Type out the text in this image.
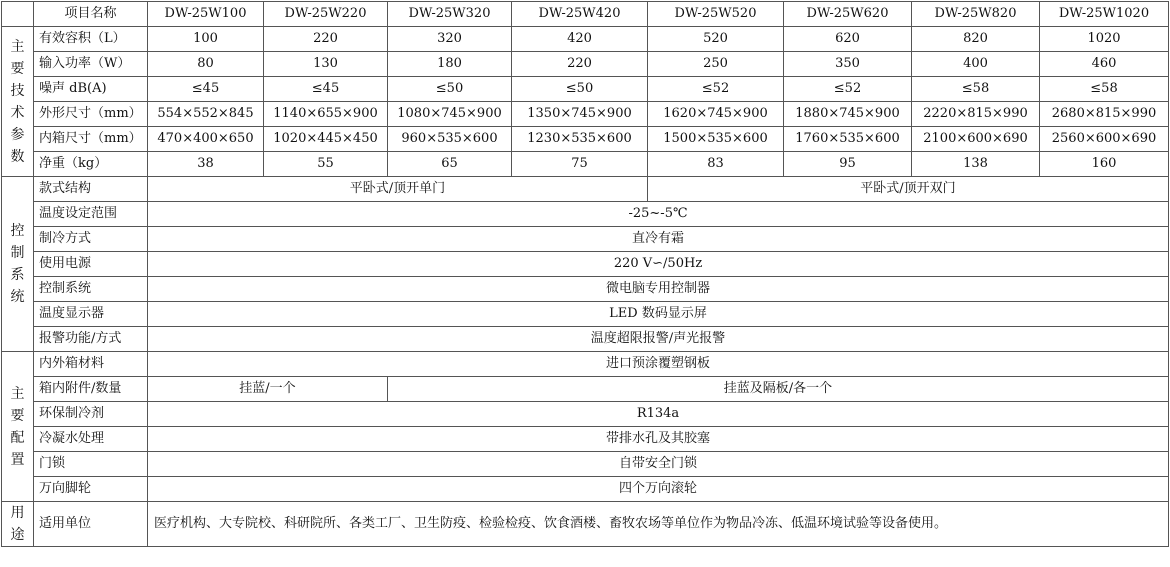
	项目名称	DW-25W100	DW-25W220	DW-25W320	DW-25W420	DW-25W520	DW-25W620	DW-25W820	DW-25W1020

主要技术参数	有效容积（L）	100	220	320	420	520	620	820	1020
	输入功率（W）	80	130	180	220	250	350	400	460
	噪声 dB(A)	≤45	≤45	≤50	≤50	≤52	≤52	≤58	≤58
	外形尺寸（mm）	554×552×845	1140×655×900	1080×745×900	1350×745×900	1620×745×900	1880×745×900	2220×815×990	2680×815×990
	内箱尺寸（mm）	470×400×650	1020×445×450	960×535×600	1230×535×600	1500×535×600	1760×535×600	2100×600×690	2560×600×690
	净重（kg）	38	55	65	75	83	95	138	160

控制系统	款式结构	平卧式/顶开单门				平卧式/顶开双门			
	温度设定范围	-25~-5℃							
	制冷方式	直冷有霜							
	使用电源	220 V∽/50Hz							
	控制系统	微电脑专用控制器							
	温度显示器	LED 数码显示屏							
	报警功能/方式	温度超限报警/声光报警							

主要配置	内外箱材料	进口预涂覆塑钢板							
	箱内附件/数量	挂蓝/一个		挂蓝及隔板/各一个					
	环保制冷剂	R134a							
	冷凝水处理	带排水孔及其胶塞							
	门锁	自带安全门锁							
	万向脚轮	四个万向滚轮							

用途	适用单位	医疗机构、大专院校、科研院所、各类工厂、卫生防疫、检验检疫、饮食酒楼、畜牧农场等单位作为物品冷冻、低温环境试验等设备使用。							
